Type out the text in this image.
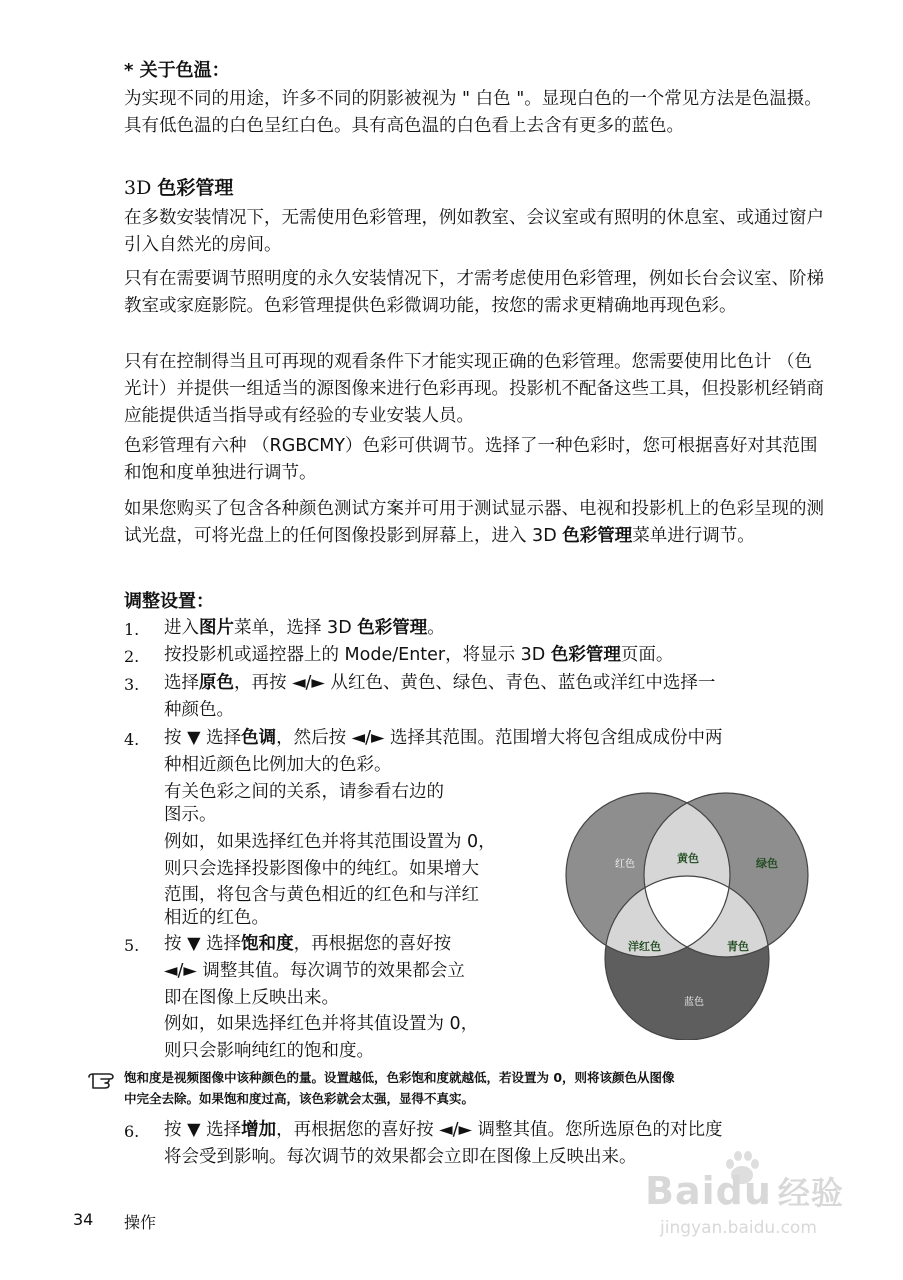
* 关于色温：

为实现不同的用途，许多不同的阴影被视为 " 白色 "。显现白色的一个常见方法是色温摄。具有低色温的白色呈红白色。具有高色温的白色看上去含有更多的蓝色。

3D 色彩管理

在多数安装情况下，无需使用色彩管理，例如教室、会议室或有照明的休息室、或通过窗户引入自然光的房间。

只有在需要调节照明度的永久安装情况下，才需考虑使用色彩管理，例如长台会议室、阶梯教室或家庭影院。色彩管理提供色彩微调功能，按您的需求更精确地再现色彩。

只有在控制得当且可再现的观看条件下才能实现正确的色彩管理。您需要使用比色计 （色光计）并提供一组适当的源图像来进行色彩再现。投影机不配备这些工具，但投影机经销商应能提供适当指导或有经验的专业安装人员。

色彩管理有六种 （RGBCMY）色彩可供调节。选择了一种色彩时，您可根据喜好对其范围和饱和度单独进行调节。

如果您购买了包含各种颜色测试方案并可用于测试显示器、电视和投影机上的色彩呈现的测试光盘，可将光盘上的任何图像投影到屏幕上，进入 3D 色彩管理菜单进行调节。

调整设置：
1. 进入图片菜单，选择 3D 色彩管理。

2. 按投影机或遥控器上的 Mode/Enter，将显示 3D 色彩管理页面。

3. 选择原色，再按 ◄/► 从红色、黄色、绿色、青色、蓝色或洋红中选择一

种颜色。

4. 按 ▼ 选择色调，然后按 ◄/► 选择其范围。范围增大将包含组成成份中两

种相近颜色比例加大的色彩。

有关色彩之间的关系，请参看右边的

图示。

例如，如果选择红色并将其范围设置为 0，

则只会选择投影图像中的纯红。如果增大

范围，将包含与黄色相近的红色和与洋红

相近的红色。

5. 按 ▼ 选择饱和度，再根据您的喜好按

◄/► 调整其值。每次调节的效果都会立

即在图像上反映出来。

例如，如果选择红色并将其值设置为 0，

则只会影响纯红的饱和度。

红色	黄色	绿色
洋红色	青色
蓝色
饱和度是视频图像中该种颜色的量。设置越低，色彩饱和度就越低，若设置为 0，则将该颜色从图像
中完全去除。如果饱和度过高，该色彩就会太强，显得不真实。
6. 按 ▼ 选择增加，再根据您的喜好按 ◄/► 调整其值。您所选原色的对比度

将会受到影响。每次调节的效果都会立即在图像上反映出来。

34 操作
Baidu 经验
jingyan.baidu.com
